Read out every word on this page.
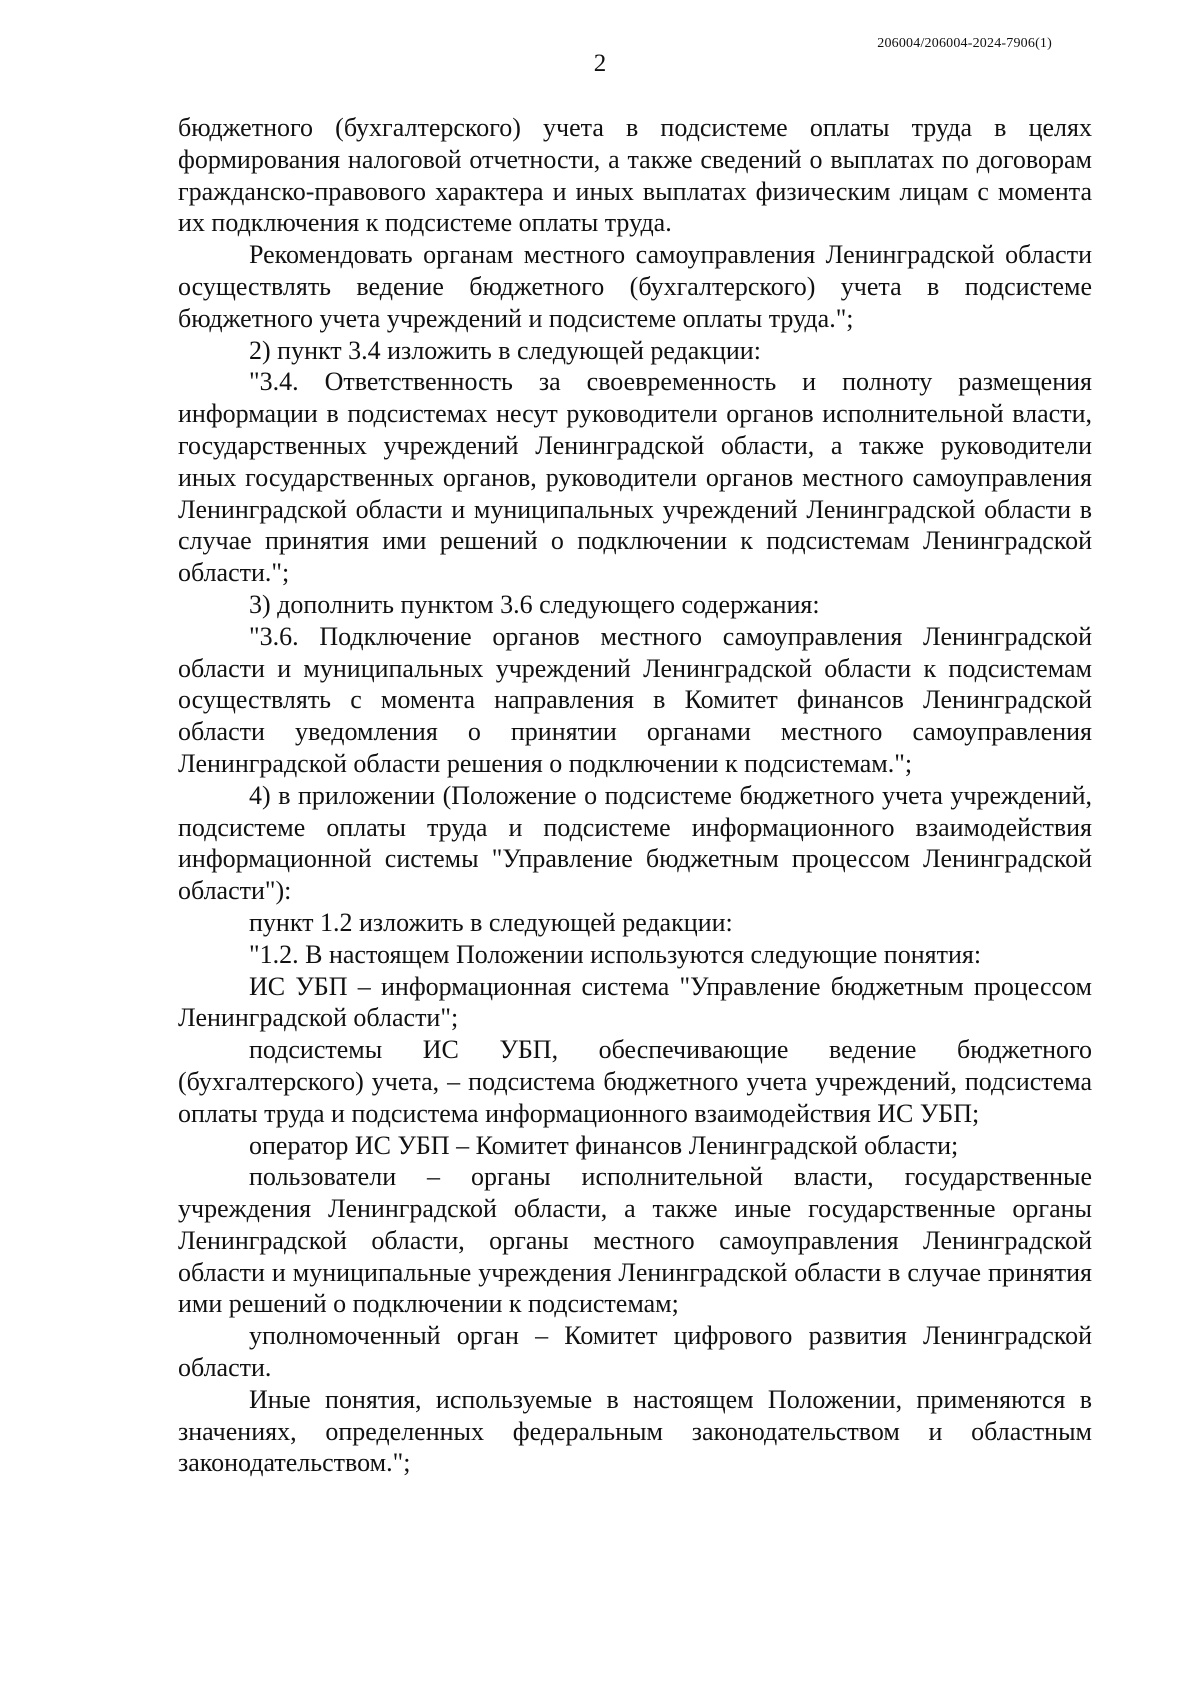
206004/206004-2024-7906(1)
2

бюджетного (бухгалтерского) учета в подсистеме оплаты труда в целях формирования налоговой отчетности, а также сведений о выплатах по договорам гражданско-правового характера и иных выплатах физическим лицам с момента их подключения к подсистеме оплаты труда.

Рекомендовать органам местного самоуправления Ленинградской области осуществлять ведение бюджетного (бухгалтерского) учета в подсистеме бюджетного учета учреждений и подсистеме оплаты труда.";

2) пункт 3.4 изложить в следующей редакции:

"3.4. Ответственность за своевременность и полноту размещения информации в подсистемах несут руководители органов исполнительной власти, государственных учреждений Ленинградской области, а также руководители иных государственных органов, руководители органов местного самоуправления Ленинградской области и муниципальных учреждений Ленинградской области в случае принятия ими решений о подключении к подсистемам Ленинградской области.";

3) дополнить пунктом 3.6 следующего содержания:

"3.6. Подключение органов местного самоуправления Ленинградской области и муниципальных учреждений Ленинградской области к подсистемам осуществлять с момента направления в Комитет финансов Ленинградской области уведомления о принятии органами местного самоуправления Ленинградской области решения о подключении к подсистемам.";

4) в приложении (Положение о подсистеме бюджетного учета учреждений, подсистеме оплаты труда и подсистеме информационного взаимодействия информационной системы "Управление бюджетным процессом Ленинградской области"):

пункт 1.2 изложить в следующей редакции:

"1.2. В настоящем Положении используются следующие понятия:

ИС УБП – информационная система "Управление бюджетным процессом Ленинградской области";

подсистемы ИС УБП, обеспечивающие ведение бюджетного (бухгалтерского) учета, – подсистема бюджетного учета учреждений, подсистема оплаты труда и подсистема информационного взаимодействия ИС УБП;

оператор ИС УБП – Комитет финансов Ленинградской области;

пользователи – органы исполнительной власти, государственные учреждения Ленинградской области, а также иные государственные органы Ленинградской области, органы местного самоуправления Ленинградской области и муниципальные учреждения Ленинградской области в случае принятия ими решений о подключении к подсистемам;

уполномоченный орган – Комитет цифрового развития Ленинградской области.

Иные понятия, используемые в настоящем Положении, применяются в значениях, определенных федеральным законодательством и областным законодательством.";
